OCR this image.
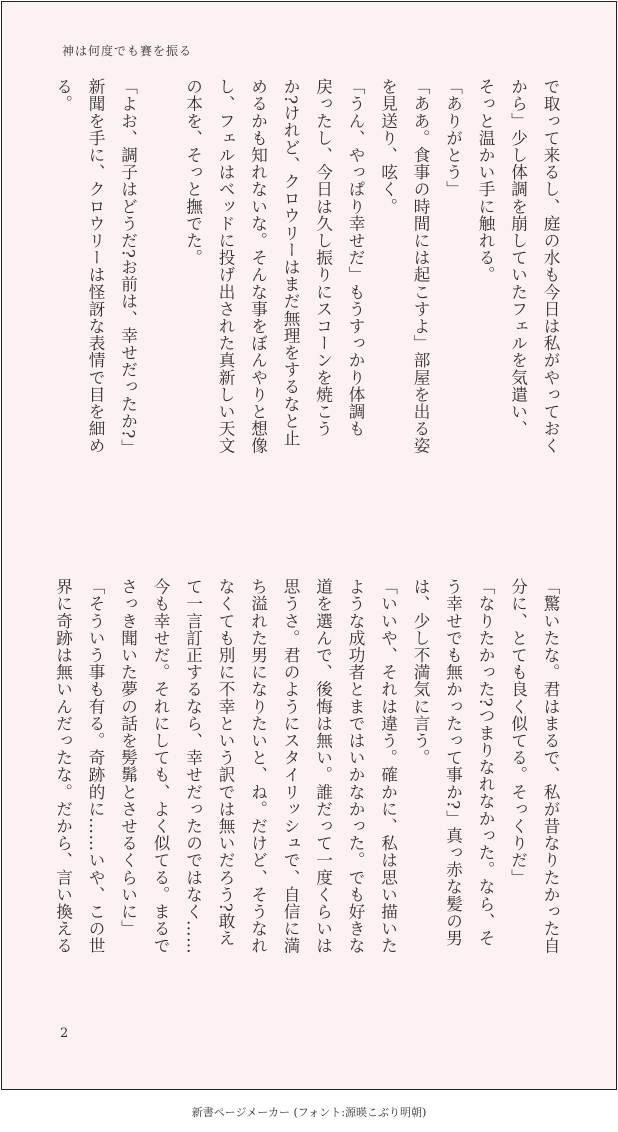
神は何度でも賽を振る
で取って来るし、庭の水も今日は私がやっておく
から」少し体調を崩していたフェルを気遣い、
そっと温かい手に触れる。
「ありがとう」
「ああ。食事の時間には起こすよ」部屋を出る姿
を見送り、呟く。
「うん、やっぱり幸せだ」もうすっかり体調も
戻ったし、今日は久し振りにスコーンを焼こう
か?けれど、クロウリーはまだ無理をするなと止
めるかも知れないな。そんな事をぼんやりと想像
し、フェルはベッドに投げ出された真新しい天文
の本を、そっと撫でた。

「よお、調子はどうだ?お前は、幸せだったか?」
新聞を手に、クロウリーは怪訝な表情で目を細め
る。
「驚いたな。君はまるで、私が昔なりたかった自
分に、とても良く似てる。そっくりだ」
「なりたかった?つまりなれなかった。なら、そ
う幸せでも無かったって事か?」真っ赤な髪の男
は、少し不満気に言う。
「いいや、それは違う。確かに、私は思い描いた
ような成功者とまではいかなかった。でも好きな
道を選んで、後悔は無い。誰だって一度くらいは
思うさ。君のようにスタイリッシュで、自信に満
ち溢れた男になりたいと、ね。だけど、そうなれ
なくても別に不幸という訳では無いだろう?敢え
て一言訂正するなら、幸せだったのではなく……
今も幸せだ。それにしても、よく似てる。まるで
さっき聞いた夢の話を髣髴とさせるくらいに」
「そういう事も有る。奇跡的に……いや、この世
界に奇跡は無いんだったな。だから、言い換える
2
新書ページメーカー (フォント:源暎こぶり明朝)
